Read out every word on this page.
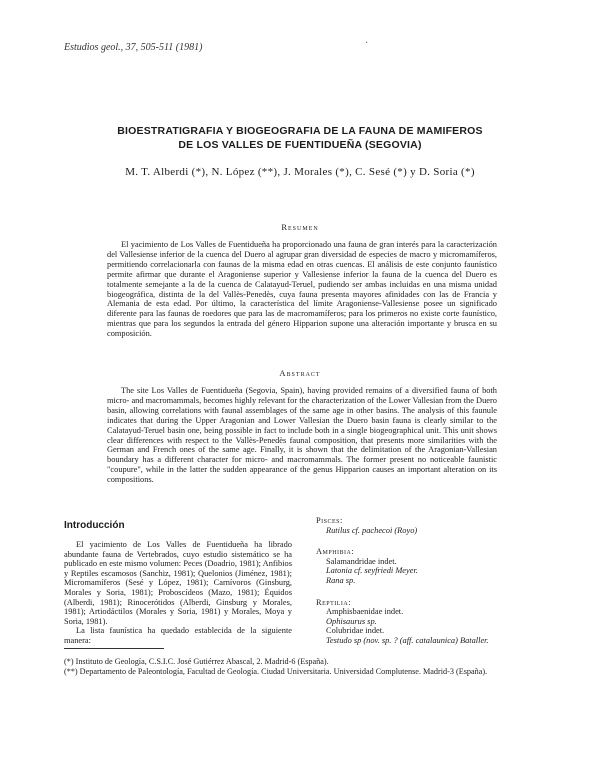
Estudios geol., 37, 505-511 (1981)	·
BIOESTRATIGRAFIA Y BIOGEOGRAFIA DE LA FAUNA DE MAMIFEROS
DE LOS VALLES DE FUENTIDUEÑA (SEGOVIA)
M. T. Alberdi (*), N. López (**), J. Morales (*), C. Sesé (*) y D. Soria (*)
Resumen
El yacimiento de Los Valles de Fuentidueña ha proporcionado una fauna de gran interés para la caracterización del Vallesiense inferior de la cuenca del Duero al agrupar gran diversidad de especies de macro y micromamíferos, permitiendo correlacionarla con faunas de la misma edad en otras cuencas. El análisis de este conjunto faunístico permite afirmar que durante el Aragoniense superior y Vallesiense inferior la fauna de la cuenca del Duero es totalmente semejante a la de la cuenca de Calatayud-Teruel, pudiendo ser ambas incluidas en una misma unidad biogeográfica, distinta de la del Vallès-Penedès, cuya fauna presenta mayores afinidades con las de Francia y Alemania de esta edad. Por último, la característica del límite Aragoniense-Vallesiense posee un significado diferente para las faunas de roedores que para las de macromamíferos; para los primeros no existe corte faunístico, mientras que para los segundos la entrada del género Hipparion supone una alteración importante y brusca en su composición.
Abstract
The site Los Valles de Fuentidueña (Segovia, Spain), having provided remains of a diversified fauna of both micro- and macromammals, becomes highly relevant for the characterization of the Lower Vallesian from the Duero basin, allowing correlations with faunal assemblages of the same age in other basins. The analysis of this faunule indicates that during the Upper Aragonian and Lower Vallesian the Duero basin fauna is clearly similar to the Calatayud-Teruel basin one, being possible in fact to include both in a single biogeographical unit. This unit shows clear differences with respect to the Vallès-Penedès faunal composition, that presents more similarities with the German and French ones of the same age. Finally, it is shown that the delimitation of the Aragonian-Vallesian boundary has a different character for micro- and macromammals. The former present no noticeable faunistic "coupure", while in the latter the sudden appearance of the genus Hipparion causes an important alteration on its compositions.
Introducción

El yacimiento de Los Valles de Fuentidueña ha librado abundante fauna de Vertebrados, cuyo estudio sistemático se ha publicado en este mismo volumen: Peces (Doadrio, 1981); Anfibios y Reptiles escamosos (Sanchiz, 1981); Quelonios (Jiménez, 1981); Micromamíferos (Sesé y López, 1981); Carnívoros (Ginsburg, Morales y Soria, 1981); Proboscídeos (Mazo, 1981); Équidos (Alberdi, 1981); Rinocerótidos (Alberdi, Ginsburg y Morales, 1981); Artiodáctilos (Morales y Soria, 1981) y Morales, Moya y Soria, 1981).

La lista faunística ha quedado establecida de la siguiente manera:

Pisces:
Rutilus cf. pachecoi (Royo)
Amphibia:
Salamandridae indet.
Latonia cf. seyfriedi Meyer.
Rana sp.
Reptilia:
Amphisbaenidae indet.
Ophisaurus sp.
Colubridae indet.
Testudo sp (nov. sp. ? (aff. catalaunica) Bataller.
(*) Instituto de Geología, C.S.I.C. José Gutiérrez Abascal, 2. Madrid-6 (España).
(**) Departamento de Paleontología, Facultad de Geología. Ciudad Universitaria. Universidad Complutense. Madrid-3 (España).
